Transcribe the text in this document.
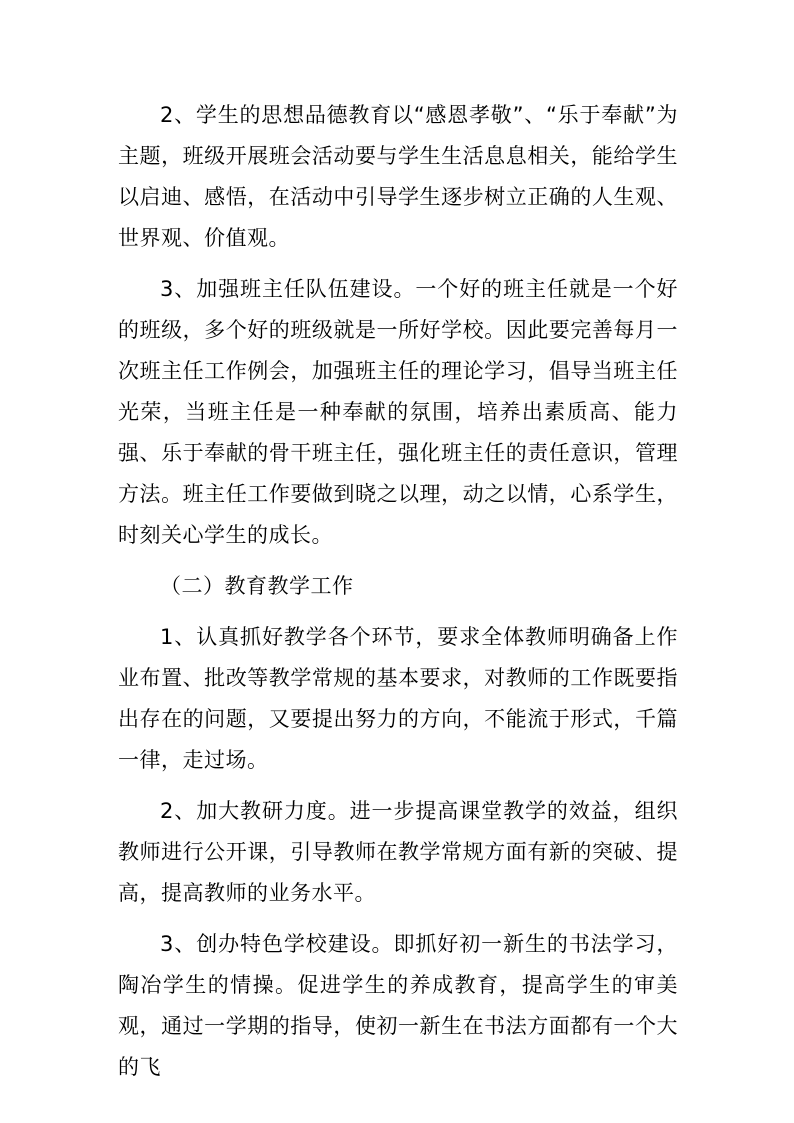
2、学生的思想品德教育以“感恩孝敬”、“乐于奉献”为主题，班级开展班会活动要与学生生活息息相关，能给学生以启迪、感悟，在活动中引导学生逐步树立正确的人生观、世界观、价值观。

3、加强班主任队伍建设。一个好的班主任就是一个好的班级，多个好的班级就是一所好学校。因此要完善每月一次班主任工作例会，加强班主任的理论学习，倡导当班主任光荣，当班主任是一种奉献的氛围，培养出素质高、能力强、乐于奉献的骨干班主任，强化班主任的责任意识，管理方法。班主任工作要做到晓之以理，动之以情，心系学生，时刻关心学生的成长。

（二）教育教学工作

1、认真抓好教学各个环节，要求全体教师明确备上作业布置、批改等教学常规的基本要求，对教师的工作既要指出存在的问题，又要提出努力的方向，不能流于形式，千篇一律，走过场。

2、加大教研力度。进一步提高课堂教学的效益，组织教师进行公开课，引导教师在教学常规方面有新的突破、提高，提高教师的业务水平。

3、创办特色学校建设。即抓好初一新生的书法学习，陶冶学生的情操。促进学生的养成教育，提高学生的审美观，通过一学期的指导，使初一新生在书法方面都有一个大的飞
